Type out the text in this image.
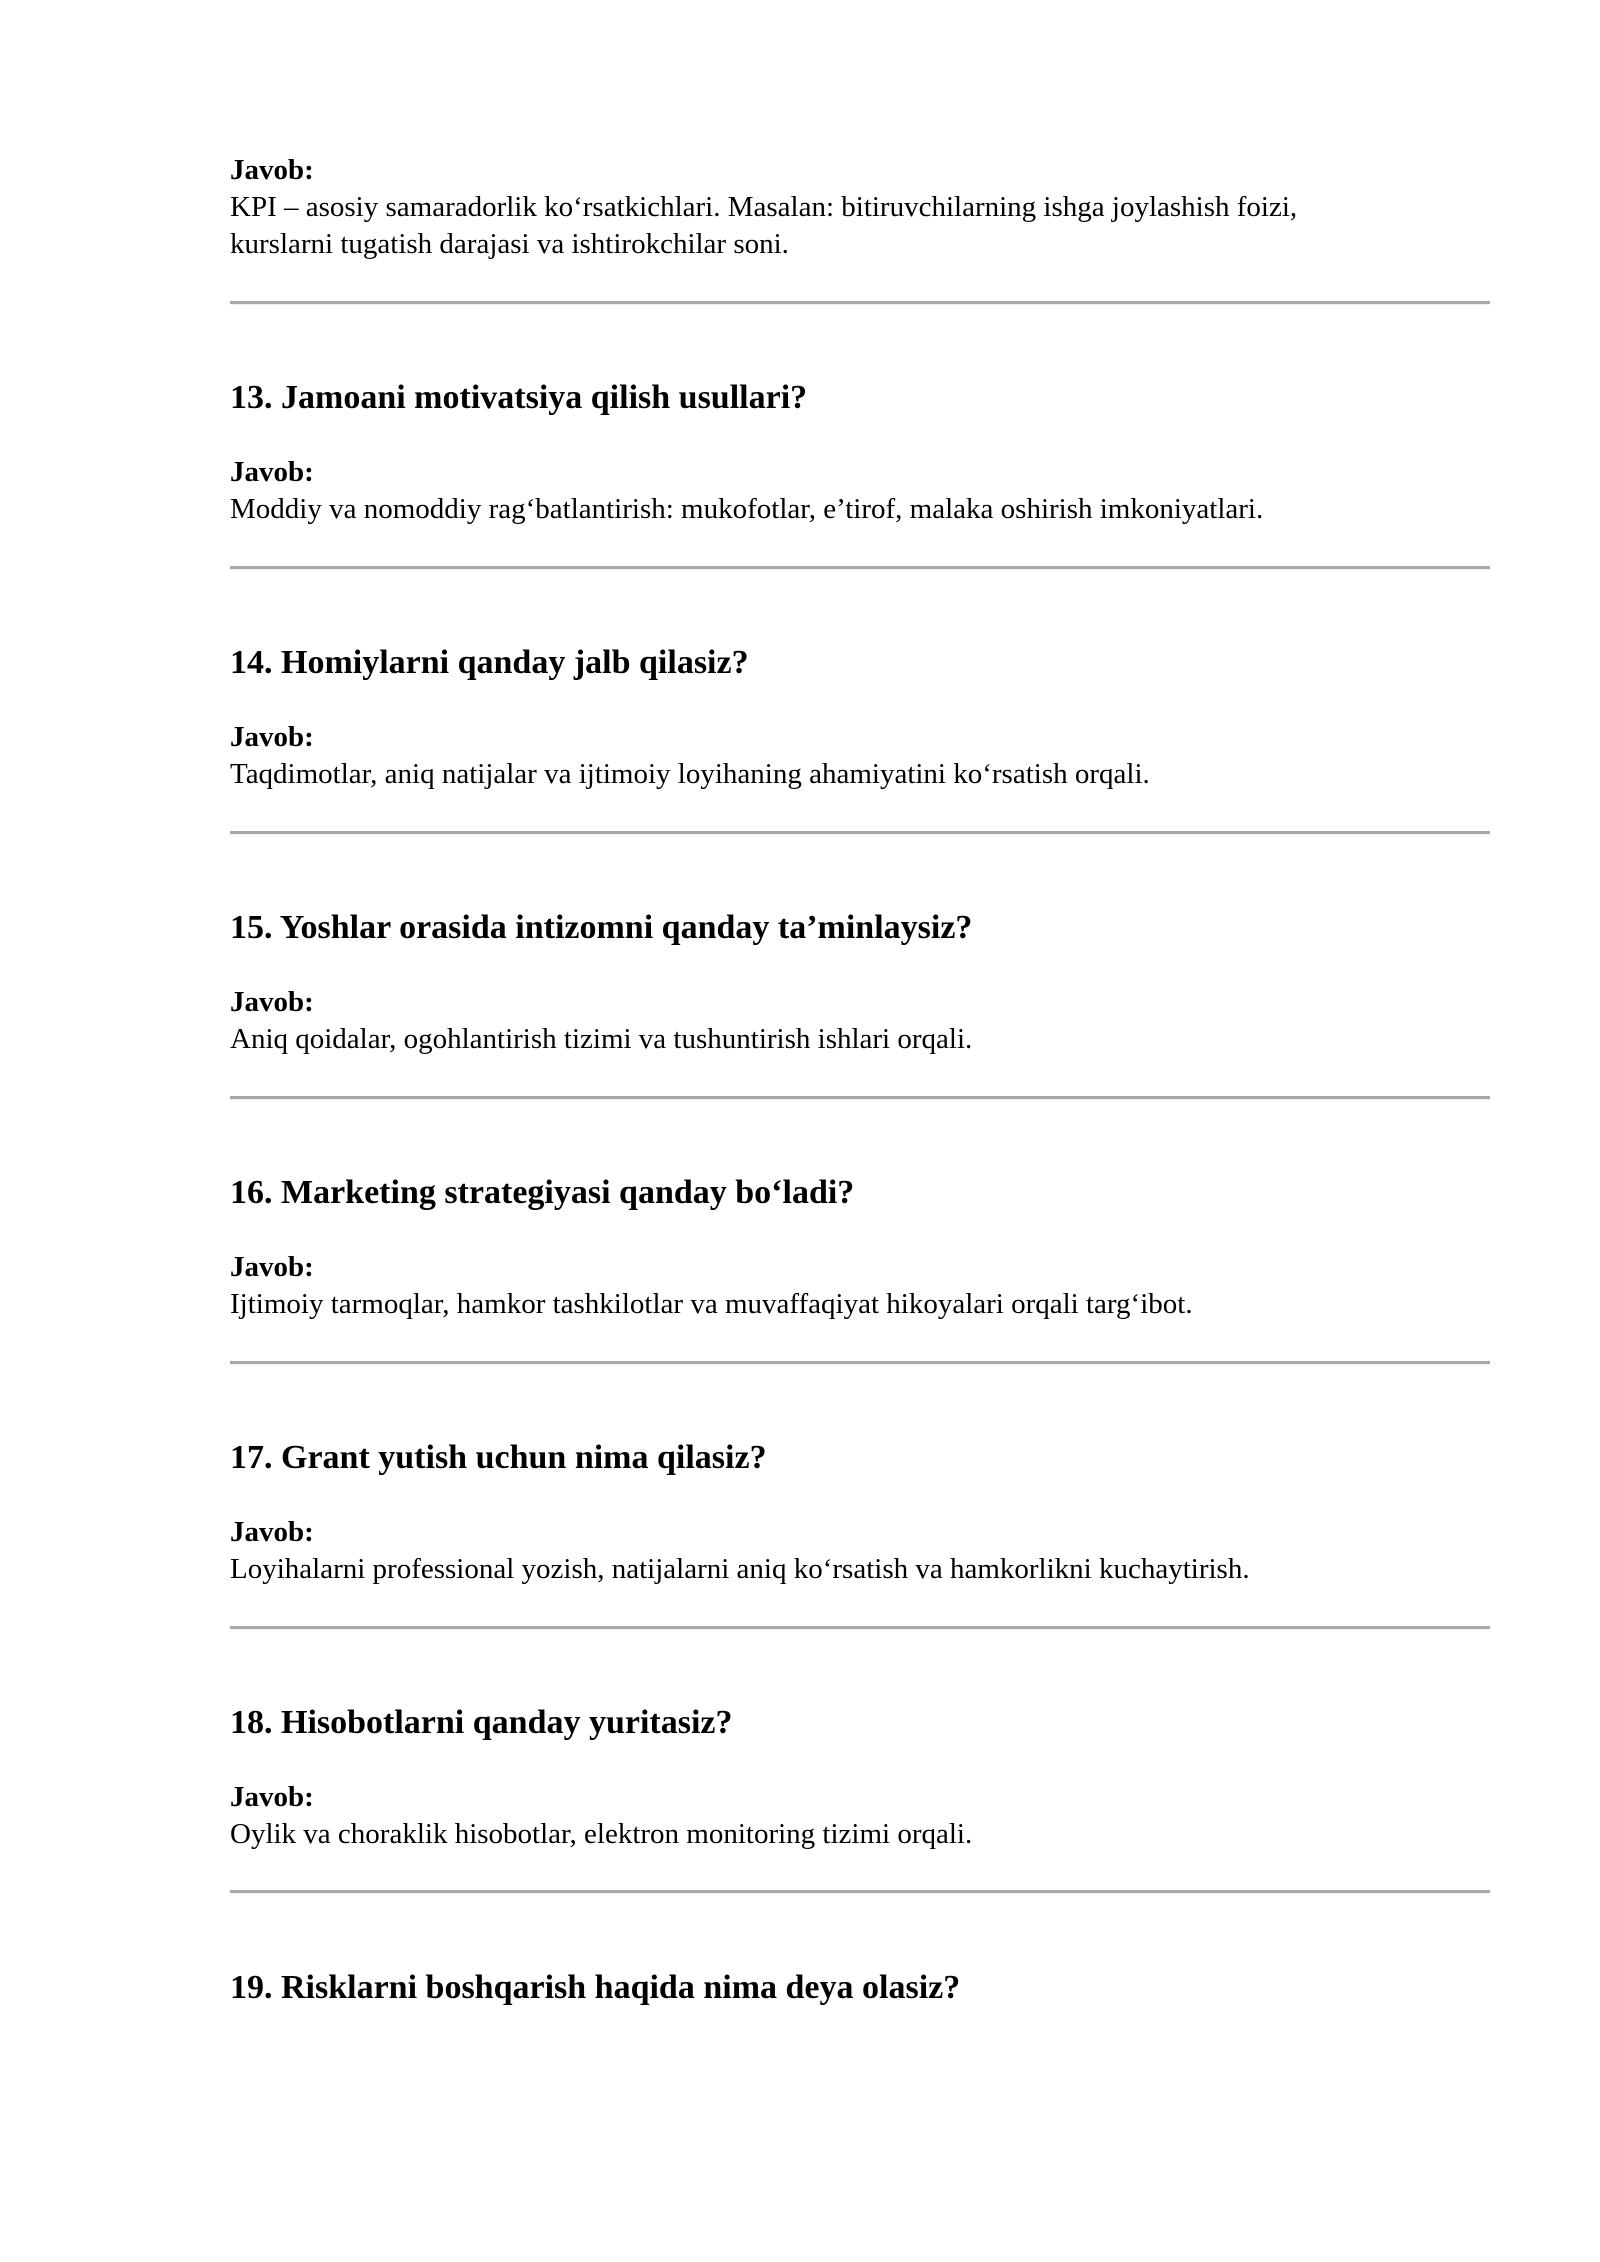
Javob:

KPI – asosiy samaradorlik ko‘rsatkichlari. Masalan: bitiruvchilarning ishga joylashish foizi,

kurslarni tugatish darajasi va ishtirokchilar soni.

13. Jamoani motivatsiya qilish usullari?

Javob:

Moddiy va nomoddiy rag‘batlantirish: mukofotlar, e’tirof, malaka oshirish imkoniyatlari.

14. Homiylarni qanday jalb qilasiz?

Javob:

Taqdimotlar, aniq natijalar va ijtimoiy loyihaning ahamiyatini ko‘rsatish orqali.

15. Yoshlar orasida intizomni qanday ta’minlaysiz?

Javob:

Aniq qoidalar, ogohlantirish tizimi va tushuntirish ishlari orqali.

16. Marketing strategiyasi qanday bo‘ladi?

Javob:

Ijtimoiy tarmoqlar, hamkor tashkilotlar va muvaffaqiyat hikoyalari orqali targ‘ibot.

17. Grant yutish uchun nima qilasiz?

Javob:

Loyihalarni professional yozish, natijalarni aniq ko‘rsatish va hamkorlikni kuchaytirish.

18. Hisobotlarni qanday yuritasiz?

Javob:

Oylik va choraklik hisobotlar, elektron monitoring tizimi orqali.

19. Risklarni boshqarish haqida nima deya olasiz?
